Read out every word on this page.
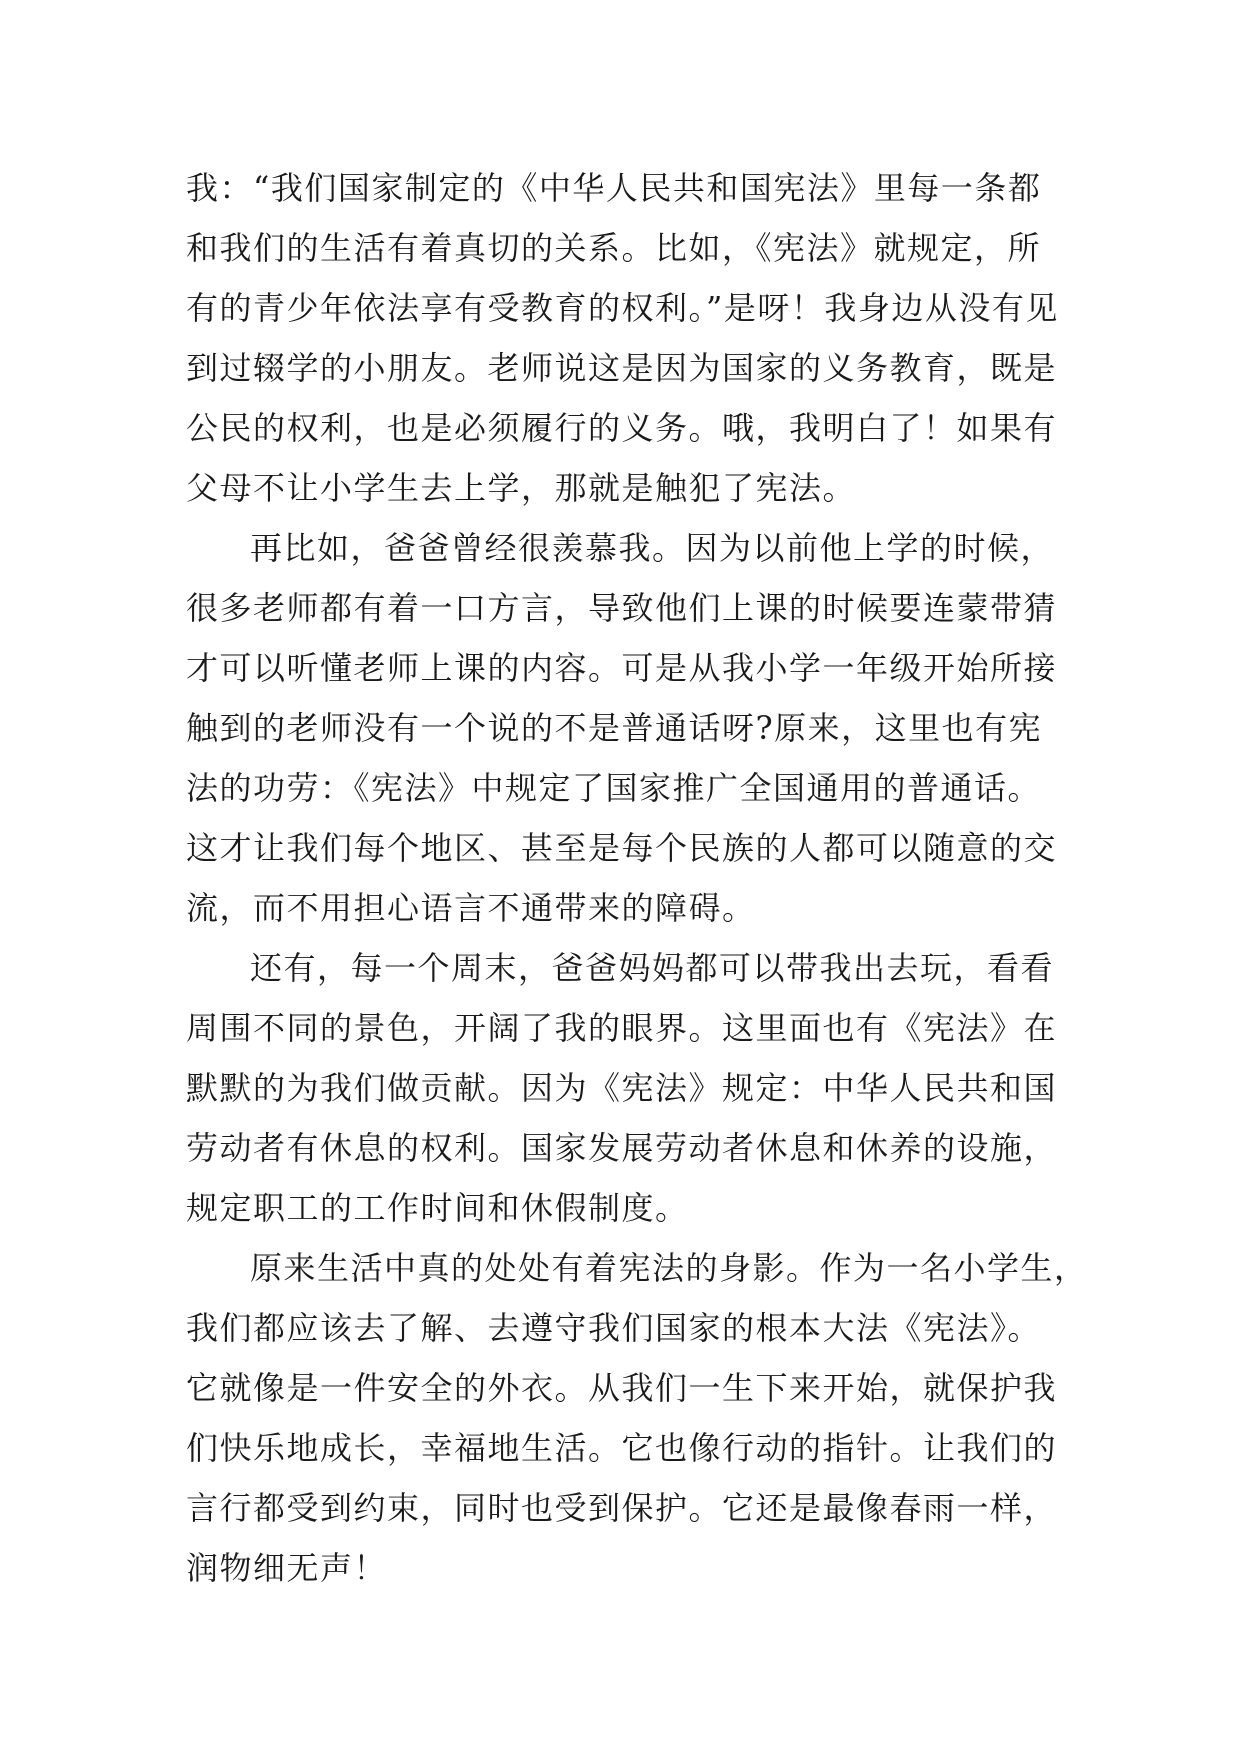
我：“我们国家制定的《中华人民共和国宪法》里每一条都
和我们的生活有着真切的关系。比如，《宪法》就规定，所
有的青少年依法享有受教育的权利。”是呀！我身边从没有见
到过辍学的小朋友。老师说这是因为国家的义务教育，既是
公民的权利，也是必须履行的义务。哦，我明白了！如果有
父母不让小学生去上学，那就是触犯了宪法。
再比如，爸爸曾经很羡慕我。因为以前他上学的时候，
很多老师都有着一口方言，导致他们上课的时候要连蒙带猜
才可以听懂老师上课的内容。可是从我小学一年级开始所接
触到的老师没有一个说的不是普通话呀?原来，这里也有宪
法的功劳：《宪法》中规定了国家推广全国通用的普通话。
这才让我们每个地区、甚至是每个民族的人都可以随意的交
流，而不用担心语言不通带来的障碍。
还有，每一个周末，爸爸妈妈都可以带我出去玩，看看
周围不同的景色，开阔了我的眼界。这里面也有《宪法》在
默默的为我们做贡献。因为《宪法》规定：中华人民共和国
劳动者有休息的权利。国家发展劳动者休息和休养的设施，
规定职工的工作时间和休假制度。
原来生活中真的处处有着宪法的身影。作为一名小学生，
我们都应该去了解、去遵守我们国家的根本大法《宪法》。
它就像是一件安全的外衣。从我们一生下来开始，就保护我
们快乐地成长，幸福地生活。它也像行动的指针。让我们的
言行都受到约束，同时也受到保护。它还是最像春雨一样，
润物细无声！
